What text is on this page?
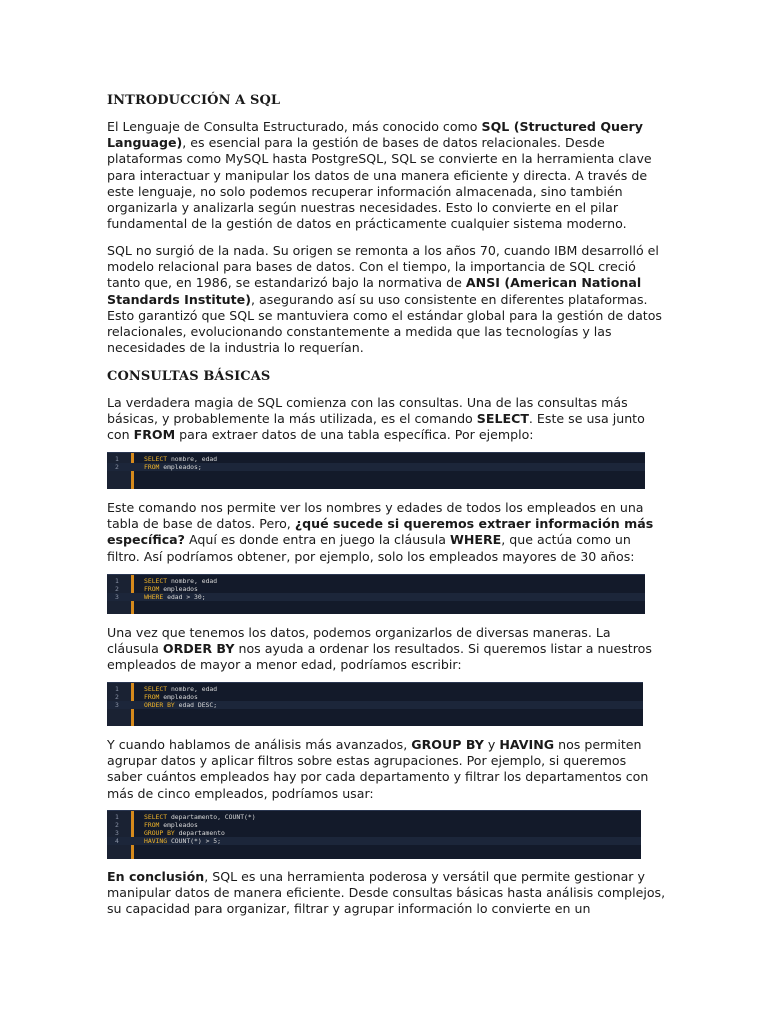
INTRODUCCIÓN A SQL

El Lenguaje de Consulta Estructurado, más conocido como SQL (Structured Query Language), es esencial para la gestión de bases de datos relacionales. Desde plataformas como MySQL hasta PostgreSQL, SQL se convierte en la herramienta clave para interactuar y manipular los datos de una manera eficiente y directa. A través de este lenguaje, no solo podemos recuperar información almacenada, sino también organizarla y analizarla según nuestras necesidades. Esto lo convierte en el pilar fundamental de la gestión de datos en prácticamente cualquier sistema moderno.

SQL no surgió de la nada. Su origen se remonta a los años 70, cuando IBM desarrolló el modelo relacional para bases de datos. Con el tiempo, la importancia de SQL creció tanto que, en 1986, se estandarizó bajo la normativa de ANSI (American National Standards Institute), asegurando así su uso consistente en diferentes plataformas. Esto garantizó que SQL se mantuviera como el estándar global para la gestión de datos relacionales, evolucionando constantemente a medida que las tecnologías y las necesidades de la industria lo requerían.

CONSULTAS BÁSICAS

La verdadera magia de SQL comienza con las consultas. Una de las consultas más básicas, y probablemente la más utilizada, es el comando SELECT. Este se usa junto con FROM para extraer datos de una tabla específica. Por ejemplo:

Este comando nos permite ver los nombres y edades de todos los empleados en una tabla de base de datos. Pero, ¿qué sucede si queremos extraer información más específica? Aquí es donde entra en juego la cláusula WHERE, que actúa como un filtro. Así podríamos obtener, por ejemplo, solo los empleados mayores de 30 años:

Una vez que tenemos los datos, podemos organizarlos de diversas maneras. La cláusula ORDER BY nos ayuda a ordenar los resultados. Si queremos listar a nuestros empleados de mayor a menor edad, podríamos escribir:

Y cuando hablamos de análisis más avanzados, GROUP BY y HAVING nos permiten agrupar datos y aplicar filtros sobre estas agrupaciones. Por ejemplo, si queremos saber cuántos empleados hay por cada departamento y filtrar los departamentos con más de cinco empleados, podríamos usar:

En conclusión, SQL es una herramienta poderosa y versátil que permite gestionar y manipular datos de manera eficiente. Desde consultas básicas hasta análisis complejos, su capacidad para organizar, filtrar y agrupar información lo convierte en un

1	SELECT nombre, edad
2	FROM empleados;
1	SELECT nombre, edad
2	FROM empleados
3	WHERE edad > 30;
1	SELECT nombre, edad
2	FROM empleados
3	ORDER BY edad DESC;
1	SELECT departamento, COUNT(*)
2	FROM empleados
3	GROUP BY departamento
4	HAVING COUNT(*) > 5;
